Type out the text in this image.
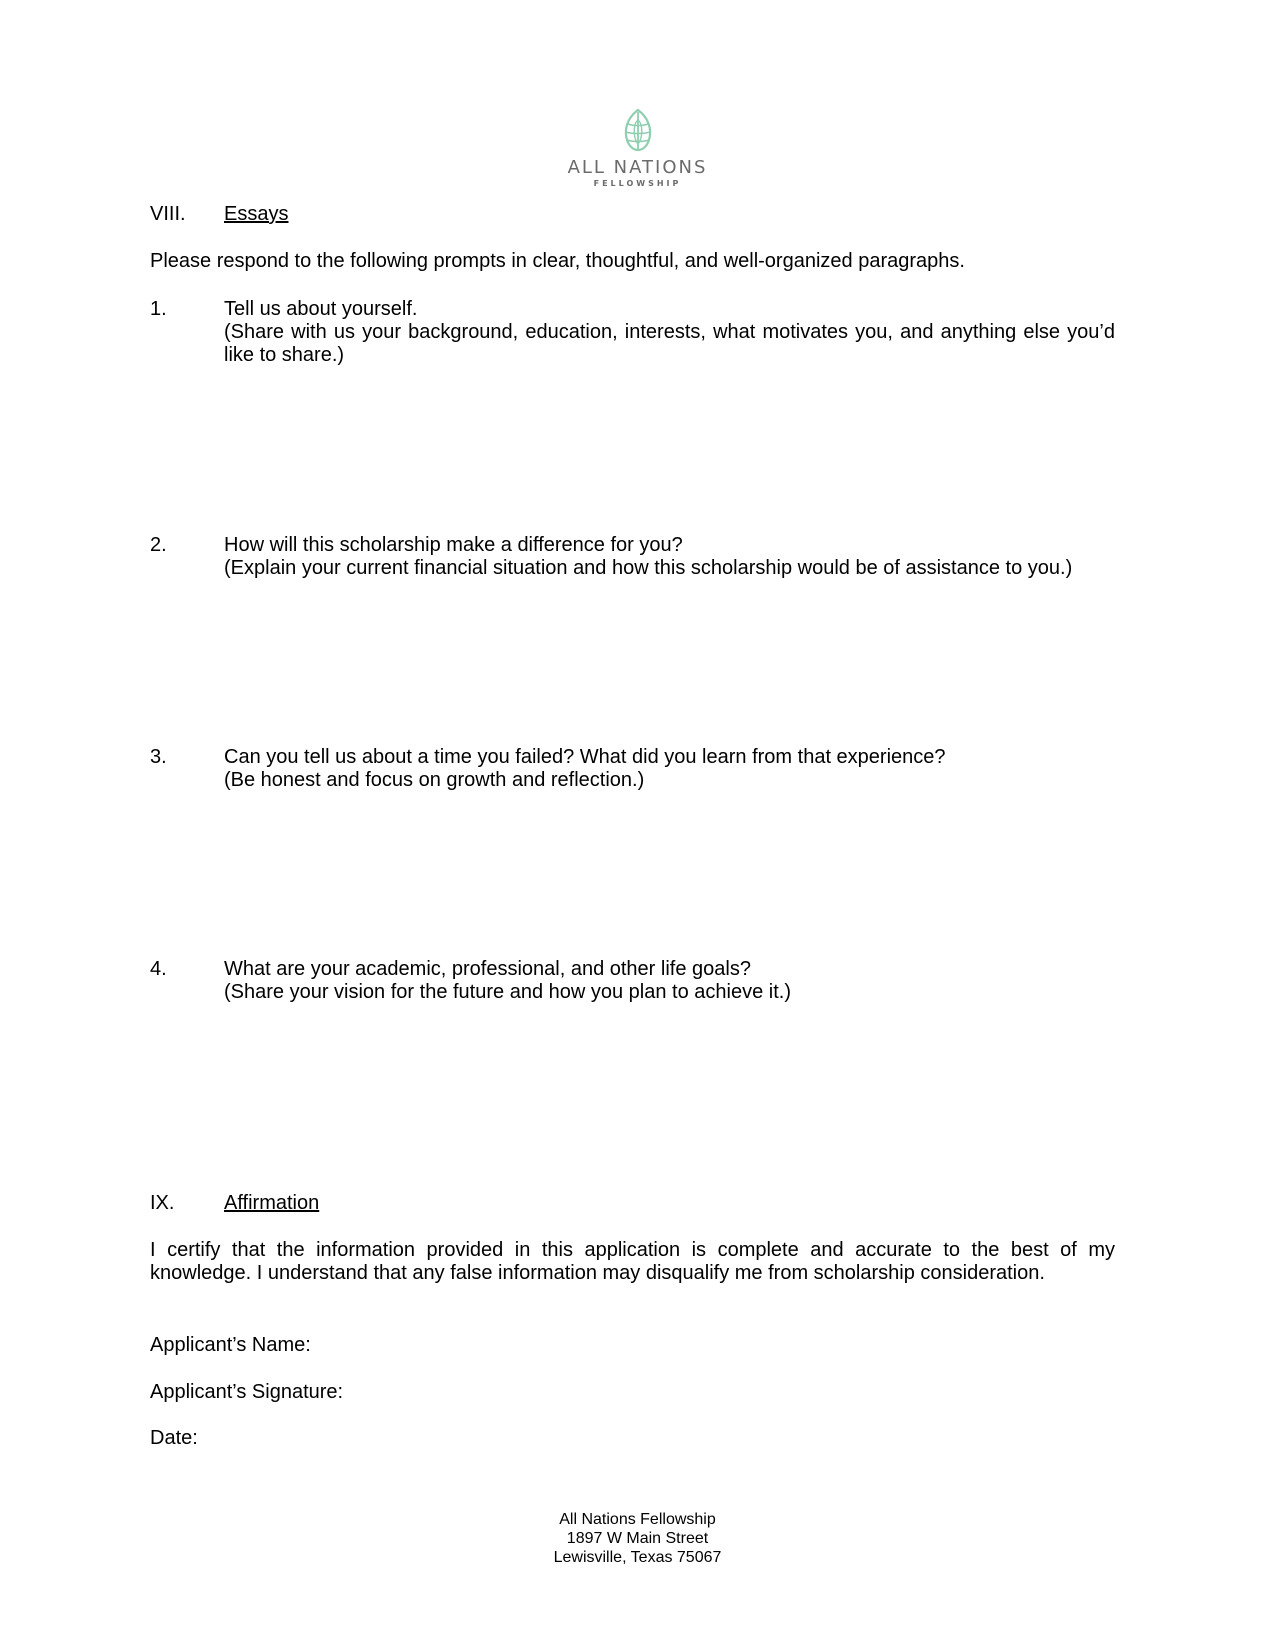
ALL NATIONS
FELLOWSHIP
VIII. Essays
Please respond to the following prompts in clear, thoughtful, and well-organized paragraphs.
1.	Tell us about yourself.
(Share with us your background, education, interests, what motivates you, and anything else you’d like to share.)
2.	How will this scholarship make a difference for you?
(Explain your current financial situation and how this scholarship would be of assistance to you.)
3.	Can you tell us about a time you failed? What did you learn from that experience?
(Be honest and focus on growth and reflection.)
4.	What are your academic, professional, and other life goals?
(Share your vision for the future and how you plan to achieve it.)
IX. Affirmation
I certify that the information provided in this application is complete and accurate to the best of my knowledge. I understand that any false information may disqualify me from scholarship consideration.
Applicant’s Name:
Applicant’s Signature:
Date:
All Nations Fellowship
1897 W Main Street
Lewisville, Texas 75067
